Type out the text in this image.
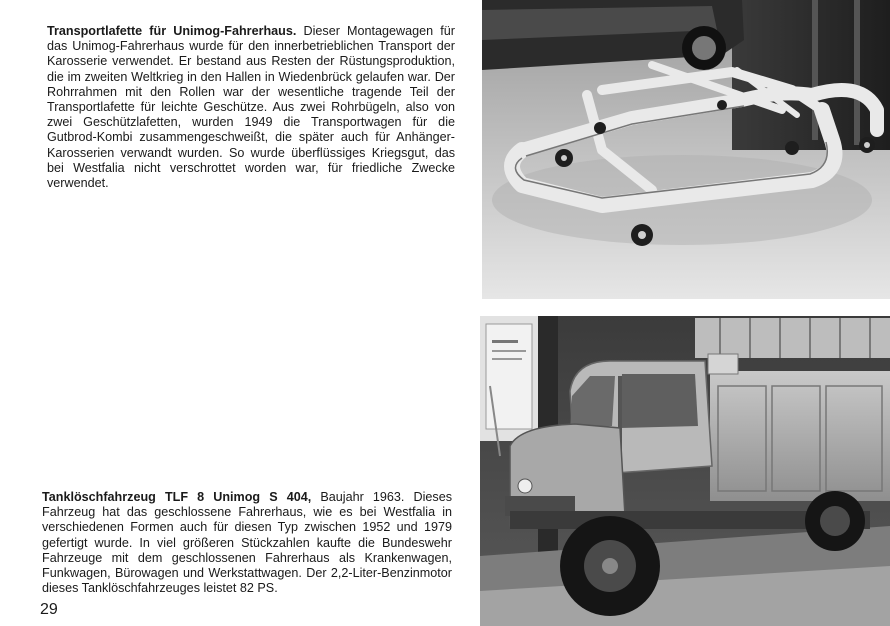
Transportlafette für Unimog-Fahrerhaus. Dieser Montagewagen für das Unimog-Fahrerhaus wurde für den innerbetrieblichen Transport der Karosserie verwendet. Er bestand aus Resten der Rüstungsproduktion, die im zweiten Weltkrieg in den Hallen in Wiedenbrück gelaufen war. Der Rohrrahmen mit den Rollen war der wesentliche tragende Teil der Transportlafette für leichte Geschütze. Aus zwei Rohrbügeln, also von zwei Geschützlafetten, wurden 1949 die Transportwagen für die Gutbrod-Kombi zusammengeschweißt, die später auch für Anhänger-Karosserien verwandt wurden. So wurde überflüssiges Kriegsgut, das bei Westfalia nicht verschrottet worden war, für friedliche Zwecke verwendet.

Tanklöschfahrzeug TLF 8 Unimog S 404, Baujahr 1963. Dieses Fahrzeug hat das geschlossene Fahrerhaus, wie es bei Westfalia in verschiedenen Formen auch für diesen Typ zwischen 1952 und 1979 gefertigt wurde. In viel größeren Stückzahlen kaufte die Bundeswehr Fahrzeuge mit dem geschlossenen Fahrerhaus als Krankenwagen, Funkwagen, Bürowagen und Werkstattwagen. Der 2,2-Liter-Benzinmotor dieses Tanklöschfahrzeuges leistet 82 PS.

29
